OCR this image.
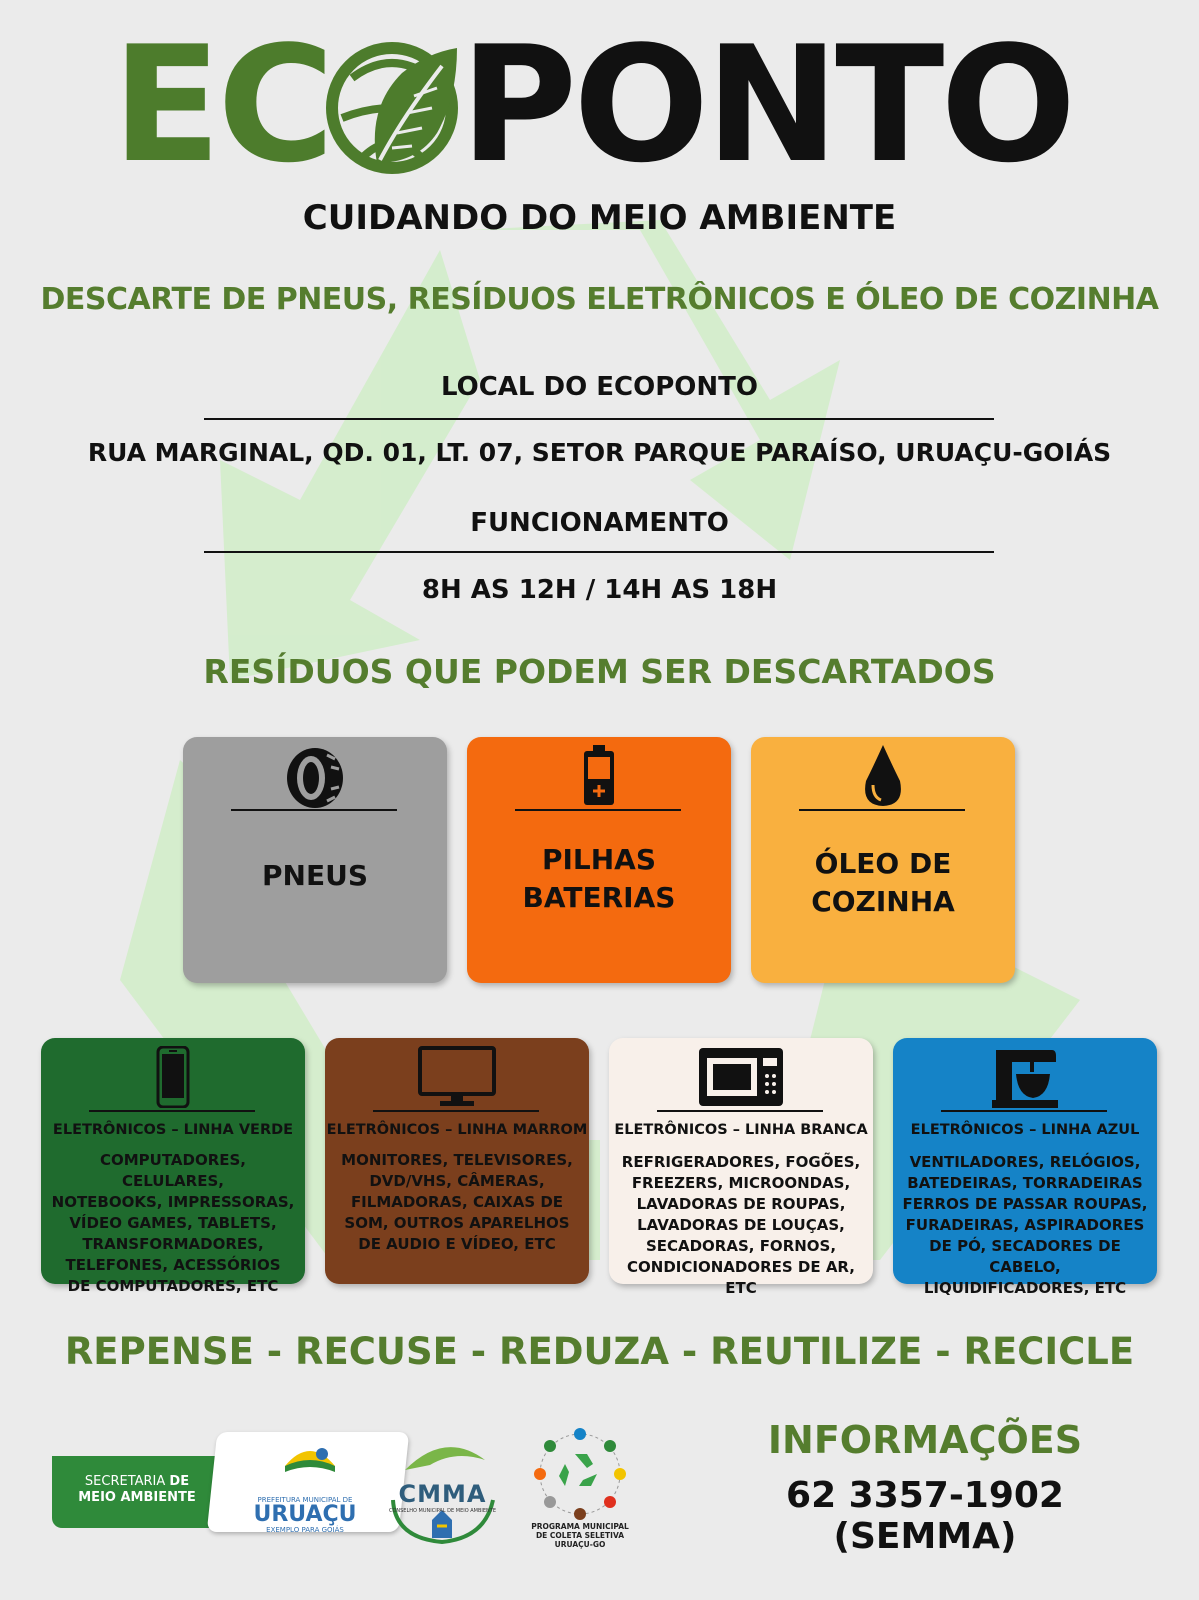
EC PONTO
CUIDANDO DO MEIO AMBIENTE
DESCARTE DE PNEUS, RESÍDUOS ELETRÔNICOS E ÓLEO DE COZINHA
LOCAL DO ECOPONTO
RUA MARGINAL, QD. 01, LT. 07, SETOR PARQUE PARAÍSO, URUAÇU-GOIÁS
FUNCIONAMENTO
8H AS 12H / 14H AS 18H
RESÍDUOS QUE PODEM SER DESCARTADOS
PNEUS	PILHAS
BATERIAS
ÓLEO DE
COZINHA
ELETRÔNICOS – LINHA VERDE
COMPUTADORES, CELULARES,
NOTEBOOKS, IMPRESSORAS,
VÍDEO GAMES, TABLETS,
TRANSFORMADORES,
TELEFONES, ACESSÓRIOS
DE COMPUTADORES, ETC
ELETRÔNICOS – LINHA MARROM
MONITORES, TELEVISORES,
DVD/VHS, CÂMERAS,
FILMADORAS, CAIXAS DE
SOM, OUTROS APARELHOS
DE AUDIO E VÍDEO, ETC
ELETRÔNICOS – LINHA BRANCA
REFRIGERADORES, FOGÕES,
FREEZERS, MICROONDAS,
LAVADORAS DE ROUPAS,
LAVADORAS DE LOUÇAS,
SECADORAS, FORNOS,
CONDICIONADORES DE AR, ETC
ELETRÔNICOS – LINHA AZUL
VENTILADORES, RELÓGIOS,
BATEDEIRAS, TORRADEIRAS
FERROS DE PASSAR ROUPAS,
FURADEIRAS, ASPIRADORES
DE PÓ, SECADORES DE CABELO,
LIQUIDIFICADORES, ETC
REPENSE - RECUSE - REDUZA - REUTILIZE - RECICLE
SECRETARIA DE
MEIO AMBIENTE	PREFEITURA MUNICIPAL DE
URUAÇU
EXEMPLO PARA GOIÁS
CMMA
CONSELHO MUNICIPAL DE MEIO AMBIENTE
PROGRAMA MUNICIPAL
DE COLETA SELETIVA
URUAÇU-GO
INFORMAÇÕES
62 3357-1902 (SEMMA)
